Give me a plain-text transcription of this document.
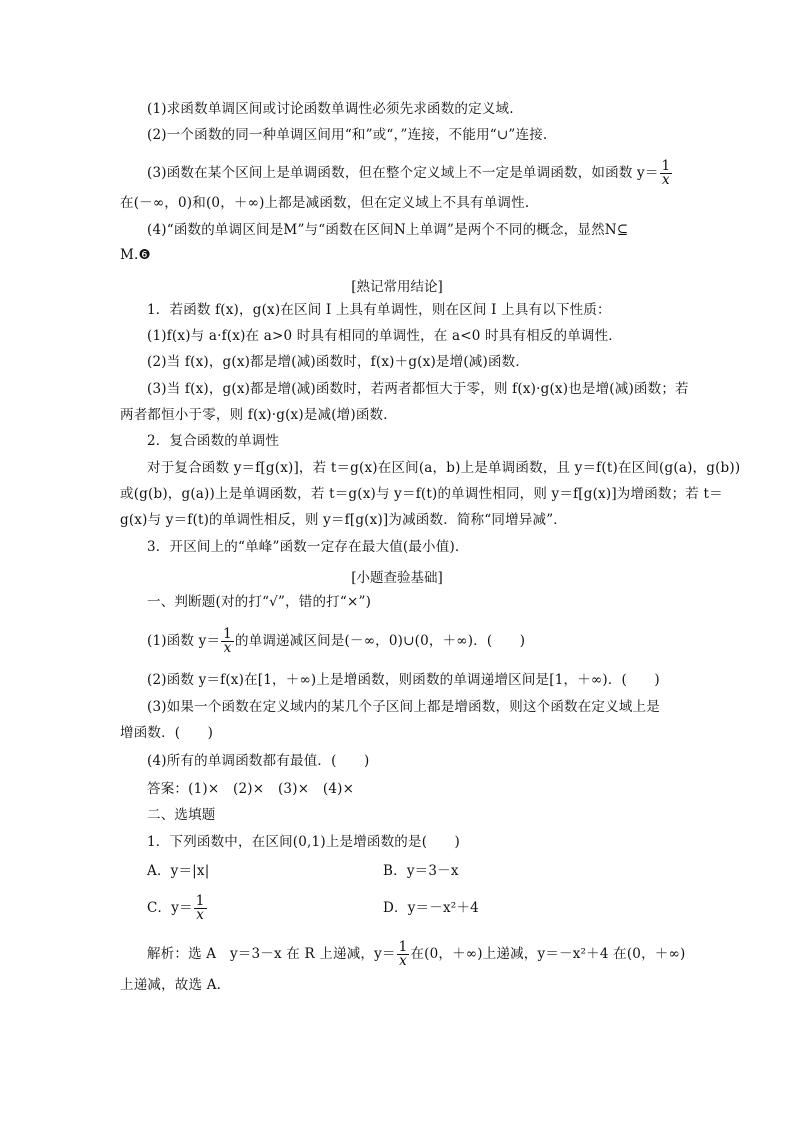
(1)求函数单调区间或讨论函数单调性必须先求函数的定义域.
(2)一个函数的同一种单调区间用“和”或“，”连接，不能用“∪”连接.
(3)函数在某个区间上是单调函数，但在整个定义域上不一定是单调函数，如函数 $y= \frac{1}{x}$
在(－∞，0)和(0，＋∞)上都是减函数，但在定义域上不具有单调性.
(4)“函数的单调区间是M”与“函数在区间N上单调”是两个不同的概念，显然N⊆
M.❻
[熟记常用结论]
1．若函数 f(x)，g(x)在区间 I 上具有单调性，则在区间 I 上具有以下性质：
(1)f(x)与 a·f(x)在 a>0 时具有相同的单调性，在 a<0 时具有相反的单调性．
(2)当 f(x)，g(x)都是增(减)函数时，f(x)＋g(x)是增(减)函数．
(3)当 f(x)，g(x)都是增(减)函数时，若两者都恒大于零，则 f(x)·g(x)也是增(减)函数；若
两者都恒小于零，则 f(x)·g(x)是减(增)函数．
2．复合函数的单调性
对于复合函数 y＝f[g(x)]，若 t＝g(x)在区间(a，b)上是单调函数，且 y＝f(t)在区间(g(a)，g(b))
或(g(b)，g(a))上是单调函数，若 t＝g(x)与 y＝f(t)的单调性相同，则 y＝f[g(x)]为增函数；若 t＝
g(x)与 y＝f(t)的单调性相反，则 y＝f[g(x)]为减函数．简称“同增异减”．
3．开区间上的“单峰”函数一定存在最大值(最小值)．
[小题查验基础]
一、判断题(对的打“√”，错的打“×”)
(1)函数 $y= \frac{1}{x}$ 的单调递减区间是(－∞，0)∪(0，＋∞)．(　　)
(2)函数 y＝f(x)在[1，＋∞)上是增函数，则函数的单调递增区间是[1，＋∞)．(　　)
(3)如果一个函数在定义域内的某几个子区间上都是增函数，则这个函数在定义域上是
增函数．(　　)
(4)所有的单调函数都有最值．(　　)
答案：(1)×　(2)×　(3)×　(4)×
二、选填题
1．下列函数中，在区间(0,1)上是增函数的是(　　)
A．y＝|x|	B．y＝3－x
C．$y= \frac{1}{x}$	D．y＝－x²＋4
解析：选 A　y＝3－x 在 R 上递减，$y= \frac{1}{x}$ 在(0，＋∞)上递减，y＝－x²＋4 在(0，＋∞)
上递减，故选 A.
